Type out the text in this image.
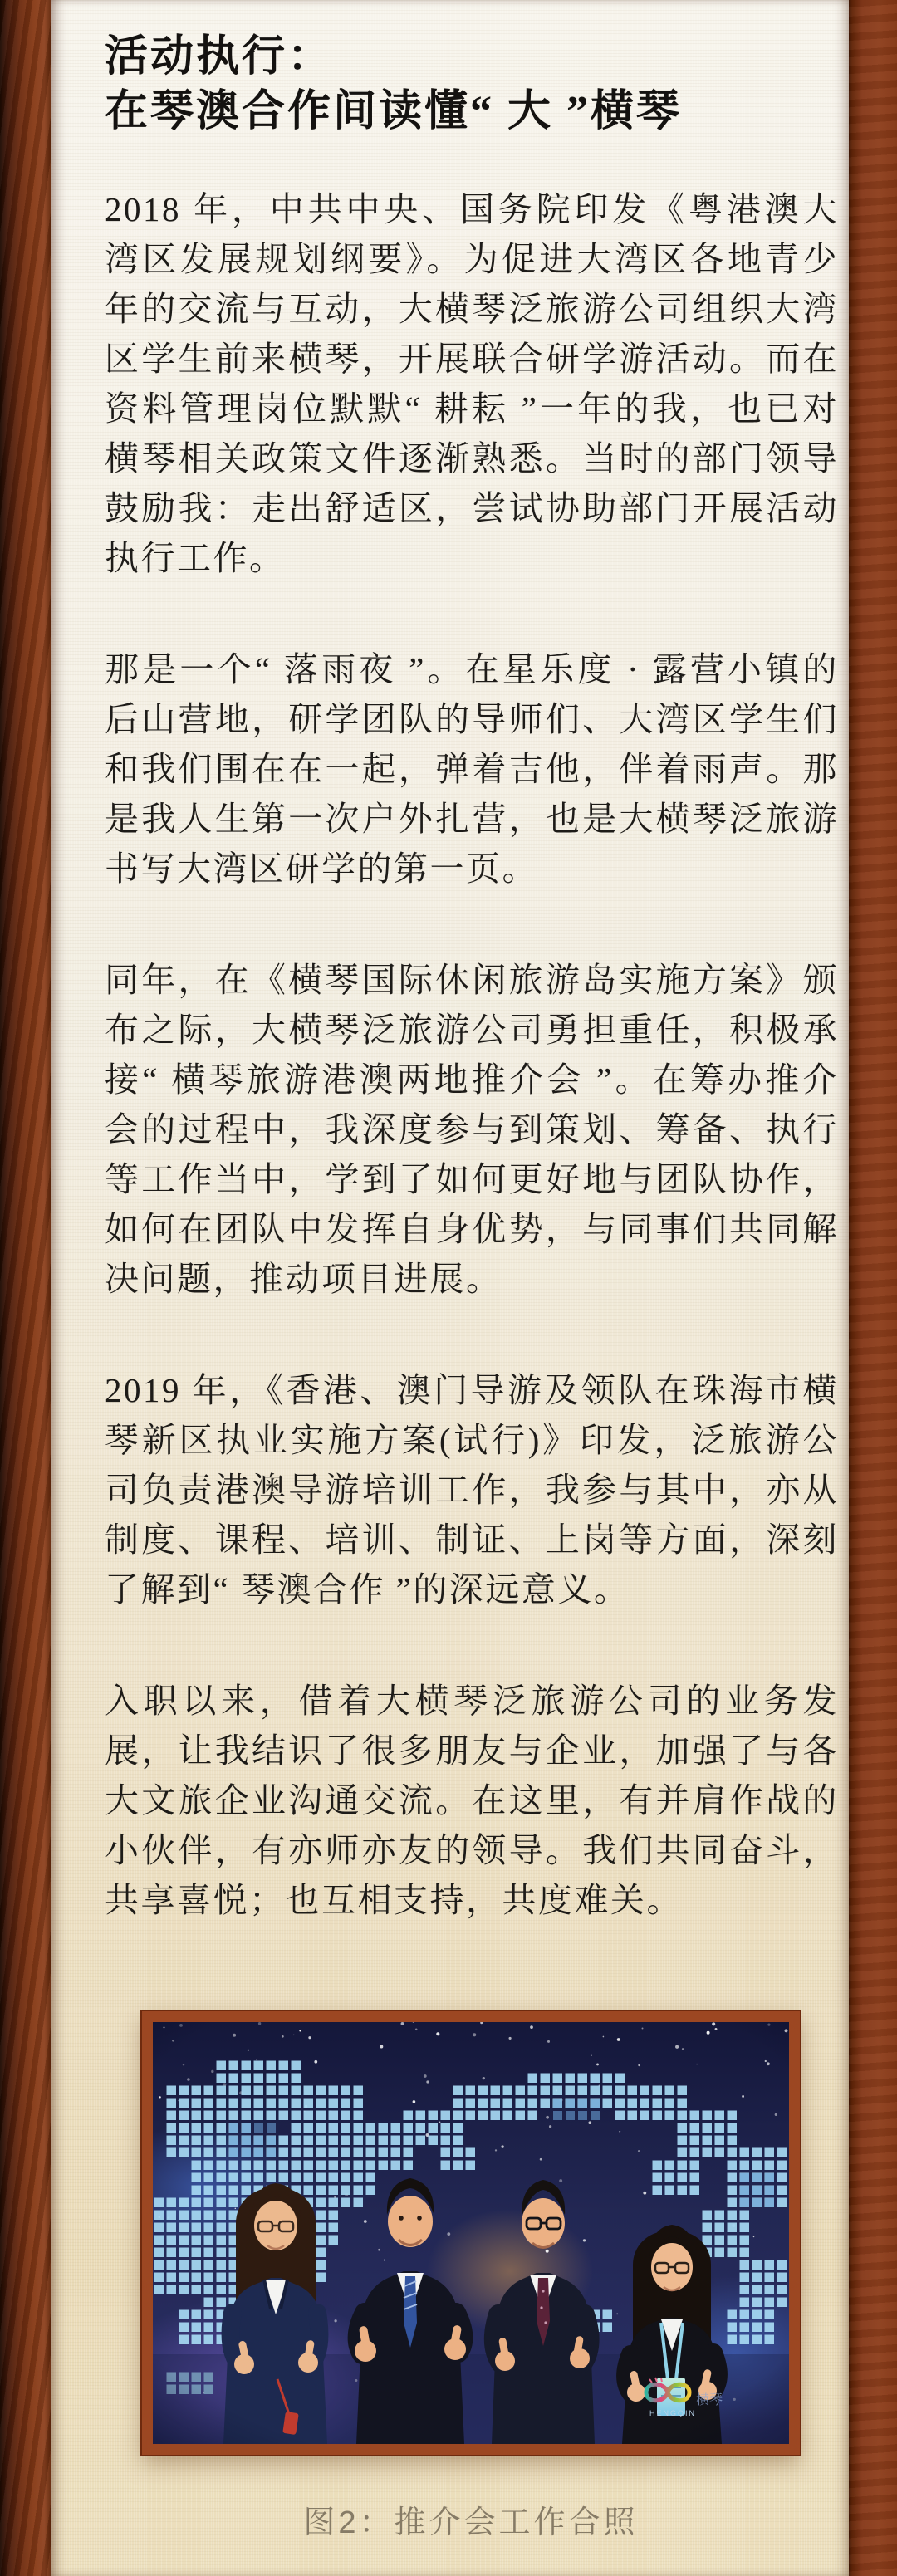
活动执行：
在琴澳合作间读懂“ 大 ”横琴

2018 年，中共中央、国务院印发《粤港澳大湾区发展规划纲要》。为促进大湾区各地青少年的交流与互动，大横琴泛旅游公司组织大湾区学生前来横琴，开展联合研学游活动。而在资料管理岗位默默“ 耕耘 ”一年的我，也已对横琴相关政策文件逐渐熟悉。当时的部门领导鼓励我：走出舒适区，尝试协助部门开展活动执行工作。

那是一个“ 落雨夜 ”。在星乐度 · 露营小镇的后山营地，研学团队的导师们、大湾区学生们和我们围在在一起，弹着吉他，伴着雨声。那是我人生第一次户外扎营，也是大横琴泛旅游书写大湾区研学的第一页。

同年，在《横琴国际休闲旅游岛实施方案》颁布之际，大横琴泛旅游公司勇担重任，积极承接“ 横琴旅游港澳两地推介会 ”。在筹办推介会的过程中，我深度参与到策划、筹备、执行等工作当中，学到了如何更好地与团队协作，如何在团队中发挥自身优势，与同事们共同解决问题，推动项目进展。

2019 年，《香港、澳门导游及领队在珠海市横琴新区执业实施方案(试行)》印发，泛旅游公司负责港澳导游培训工作，我参与其中，亦从制度、课程、培训、制证、上岗等方面，深刻了解到“ 琴澳合作 ”的深远意义。

入职以来，借着大横琴泛旅游公司的业务发展，让我结识了很多朋友与企业，加强了与各大文旅企业沟通交流。在这里，有并肩作战的小伙伴，有亦师亦友的领导。我们共同奋斗，共享喜悦；也互相支持，共度难关。

图2：推介会工作合照
